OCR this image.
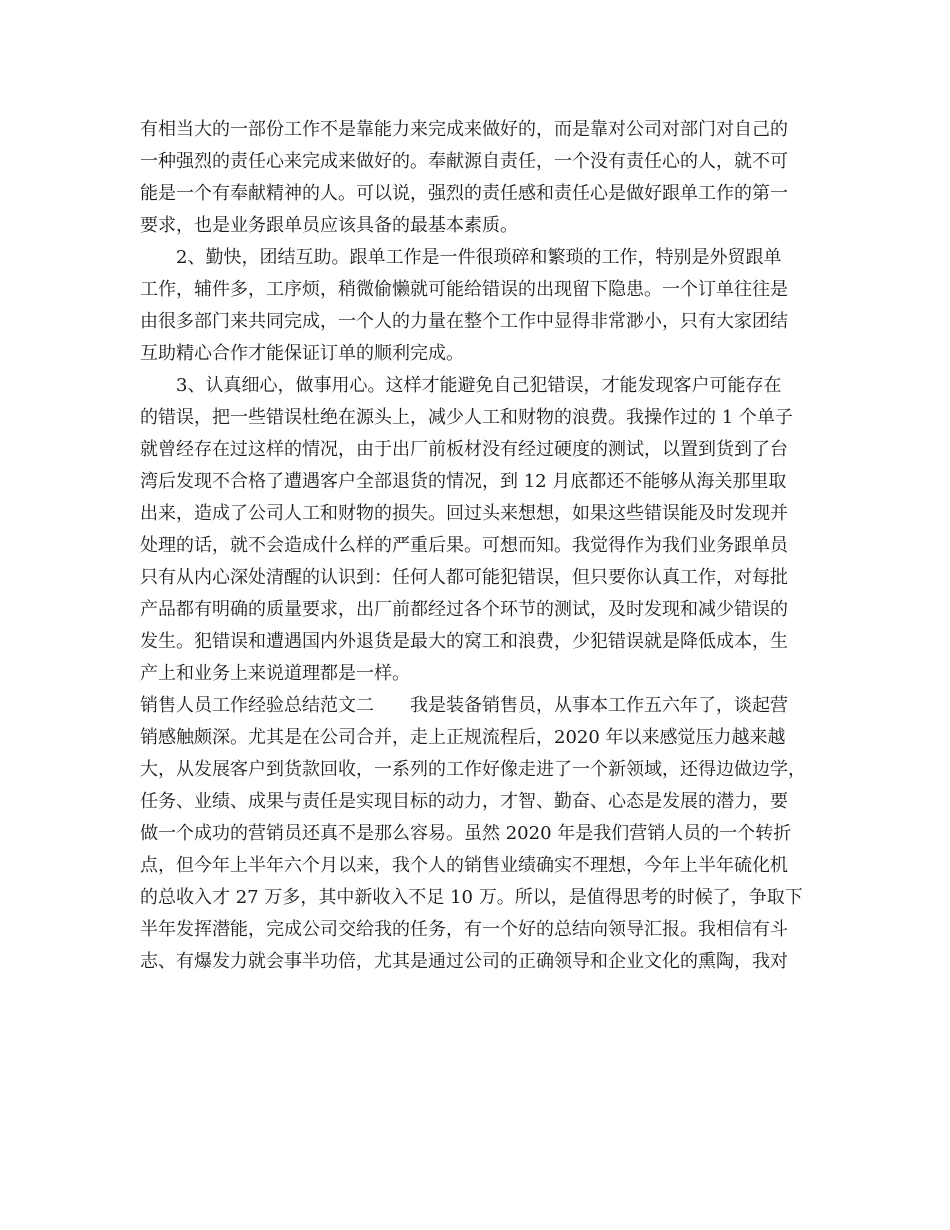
有相当大的一部份工作不是靠能力来完成来做好的，而是靠对公司对部门对自己的
一种强烈的责任心来完成来做好的。奉献源自责任，一个没有责任心的人，就不可
能是一个有奉献精神的人。可以说，强烈的责任感和责任心是做好跟单工作的第一
要求，也是业务跟单员应该具备的最基本素质。
2、勤快，团结互助。跟单工作是一件很琐碎和繁琐的工作，特别是外贸跟单
工作，辅件多，工序烦，稍微偷懒就可能给错误的出现留下隐患。一个订单往往是
由很多部门来共同完成，一个人的力量在整个工作中显得非常渺小，只有大家团结
互助精心合作才能保证订单的顺利完成。
3、认真细心，做事用心。这样才能避免自己犯错误，才能发现客户可能存在
的错误，把一些错误杜绝在源头上，减少人工和财物的浪费。我操作过的 1 个单子
就曾经存在过这样的情况，由于出厂前板材没有经过硬度的测试，以置到货到了台
湾后发现不合格了遭遇客户全部退货的情况，到 12 月底都还不能够从海关那里取
出来，造成了公司人工和财物的损失。回过头来想想，如果这些错误能及时发现并
处理的话，就不会造成什么样的严重后果。可想而知。我觉得作为我们业务跟单员
只有从内心深处清醒的认识到：任何人都可能犯错误，但只要你认真工作，对每批
产品都有明确的质量要求，出厂前都经过各个环节的测试，及时发现和减少错误的
发生。犯错误和遭遇国内外退货是最大的窝工和浪费，少犯错误就是降低成本，生
产上和业务上来说道理都是一样。
销售人员工作经验总结范文二　　我是装备销售员，从事本工作五六年了，谈起营
销感触颇深。尤其是在公司合并，走上正规流程后，2020 年以来感觉压力越来越
大，从发展客户到货款回收，一系列的工作好像走进了一个新领域，还得边做边学，
任务、业绩、成果与责任是实现目标的动力，才智、勤奋、心态是发展的潜力，要
做一个成功的营销员还真不是那么容易。虽然 2020 年是我们营销人员的一个转折
点，但今年上半年六个月以来，我个人的销售业绩确实不理想，今年上半年硫化机
的总收入才 27 万多，其中新收入不足 10 万。所以，是值得思考的时候了，争取下
半年发挥潜能，完成公司交给我的任务，有一个好的总结向领导汇报。我相信有斗
志、有爆发力就会事半功倍，尤其是通过公司的正确领导和企业文化的熏陶，我对
